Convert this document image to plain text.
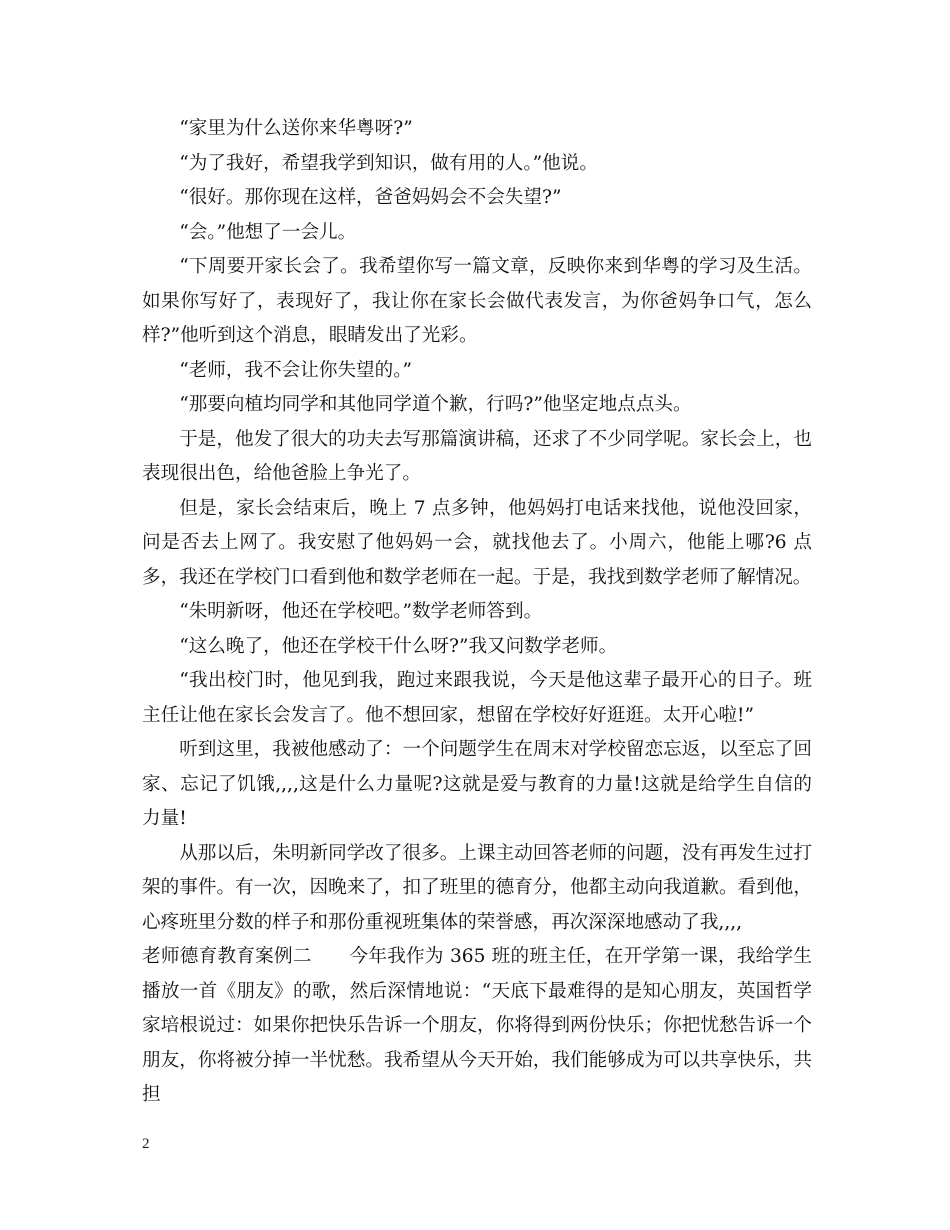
“家里为什么送你来华粤呀?”

“为了我好，希望我学到知识，做有用的人。”他说。

“很好。那你现在这样，爸爸妈妈会不会失望?”

“会。”他想了一会儿。

“下周要开家长会了。我希望你写一篇文章，反映你来到华粤的学习及生活。如果你写好了，表现好了，我让你在家长会做代表发言，为你爸妈争口气，怎么样?”他听到这个消息，眼睛发出了光彩。

“老师，我不会让你失望的。”

“那要向植均同学和其他同学道个歉，行吗?”他坚定地点点头。

于是，他发了很大的功夫去写那篇演讲稿，还求了不少同学呢。家长会上，也表现很出色，给他爸脸上争光了。

但是，家长会结束后，晚上 7 点多钟，他妈妈打电话来找他，说他没回家，问是否去上网了。我安慰了他妈妈一会，就找他去了。小周六，他能上哪?6 点多，我还在学校门口看到他和数学老师在一起。于是，我找到数学老师了解情况。

“朱明新呀，他还在学校吧。”数学老师答到。

“这么晚了，他还在学校干什么呀?”我又问数学老师。

“我出校门时，他见到我，跑过来跟我说，今天是他这辈子最开心的日子。班主任让他在家长会发言了。他不想回家，想留在学校好好逛逛。太开心啦!”

听到这里，我被他感动了：一个问题学生在周末对学校留恋忘返，以至忘了回家、忘记了饥饿,,,,这是什么力量呢?这就是爱与教育的力量!这就是给学生自信的力量!

从那以后，朱明新同学改了很多。上课主动回答老师的问题，没有再发生过打架的事件。有一次，因晚来了，扣了班里的德育分，他都主动向我道歉。看到他，心疼班里分数的样子和那份重视班集体的荣誉感，再次深深地感动了我,,,,

老师德育教育案例二　　今年我作为 365 班的班主任，在开学第一课，我给学生播放一首《朋友》的歌，然后深情地说：“天底下最难得的是知心朋友，英国哲学家培根说过：如果你把快乐告诉一个朋友，你将得到两份快乐；你把忧愁告诉一个朋友，你将被分掉一半忧愁。我希望从今天开始，我们能够成为可以共享快乐，共担

2
